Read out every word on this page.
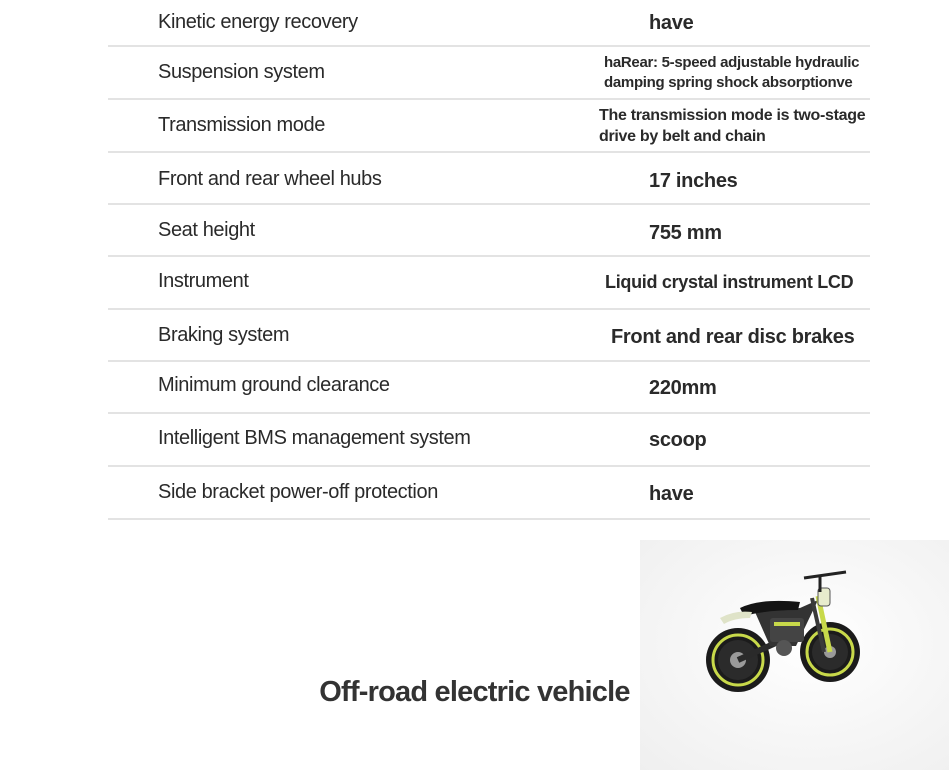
Kinetic energy recovery	have
Suspension system	haRear: 5-speed adjustable hydraulic
damping spring shock absorptionve
Transmission mode	The transmission mode is two-stage
drive by belt and chain
Front and rear wheel hubs	17 inches
Seat height	755 mm
Instrument	Liquid crystal instrument LCD
Braking system	Front and rear disc brakes
Minimum ground clearance	220mm
Intelligent BMS management system	scoop
Side bracket power-off protection	have
Off-road electric vehicle
